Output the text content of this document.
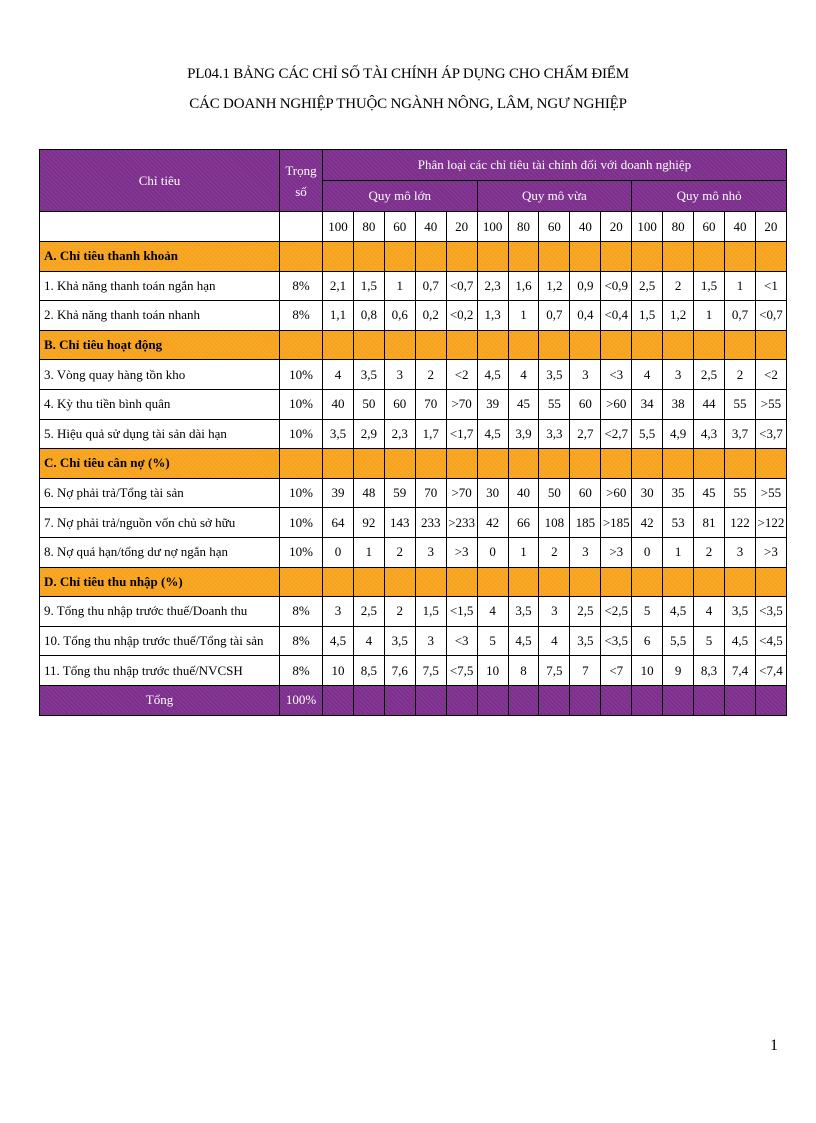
PL04.1 BẢNG CÁC CHỈ SỐ TÀI CHÍNH ÁP DỤNG CHO CHẤM ĐIỂM
CÁC DOANH NGHIỆP THUỘC NGÀNH NÔNG, LÂM, NGƯ NGHIỆP
Chỉ tiêu	Trọng số	Phân loại các chỉ tiêu tài chính đối với doanh nghiệp														
		Quy mô lớn					Quy mô vừa					Quy mô nhỏ				
		100	80	60	40	20	100	80	60	40	20	100	80	60	40	20
A. Chỉ tiêu thanh khoản																
1. Khả năng thanh toán ngắn hạn	8%	2,1	1,5	1	0,7	<0,7	2,3	1,6	1,2	0,9	<0,9	2,5	2	1,5	1	<1
2. Khả năng thanh toán nhanh	8%	1,1	0,8	0,6	0,2	<0,2	1,3	1	0,7	0,4	<0,4	1,5	1,2	1	0,7	<0,7
B. Chỉ tiêu hoạt động																
3. Vòng quay hàng tồn kho	10%	4	3,5	3	2	<2	4,5	4	3,5	3	<3	4	3	2,5	2	<2
4. Kỳ thu tiền bình quân	10%	40	50	60	70	>70	39	45	55	60	>60	34	38	44	55	>55
5. Hiệu quả sử dụng tài sản dài hạn	10%	3,5	2,9	2,3	1,7	<1,7	4,5	3,9	3,3	2,7	<2,7	5,5	4,9	4,3	3,7	<3,7
C. Chỉ tiêu cân nợ (%)																
6. Nợ phải trả/Tổng tài sản	10%	39	48	59	70	>70	30	40	50	60	>60	30	35	45	55	>55
7. Nợ phải trả/nguồn vốn chủ sở hữu	10%	64	92	143	233	>233	42	66	108	185	>185	42	53	81	122	>122
8. Nợ quá hạn/tổng dư nợ ngắn hạn	10%	0	1	2	3	>3	0	1	2	3	>3	0	1	2	3	>3
D. Chỉ tiêu thu nhập (%)																
9. Tổng thu nhập trước thuế/Doanh thu	8%	3	2,5	2	1,5	<1,5	4	3,5	3	2,5	<2,5	5	4,5	4	3,5	<3,5
10. Tổng thu nhập trước thuế/Tổng tài sản	8%	4,5	4	3,5	3	<3	5	4,5	4	3,5	<3,5	6	5,5	5	4,5	<4,5
11. Tổng thu nhập trước thuế/NVCSH	8%	10	8,5	7,6	7,5	<7,5	10	8	7,5	7	<7	10	9	8,3	7,4	<7,4
Tổng	100%															
1
